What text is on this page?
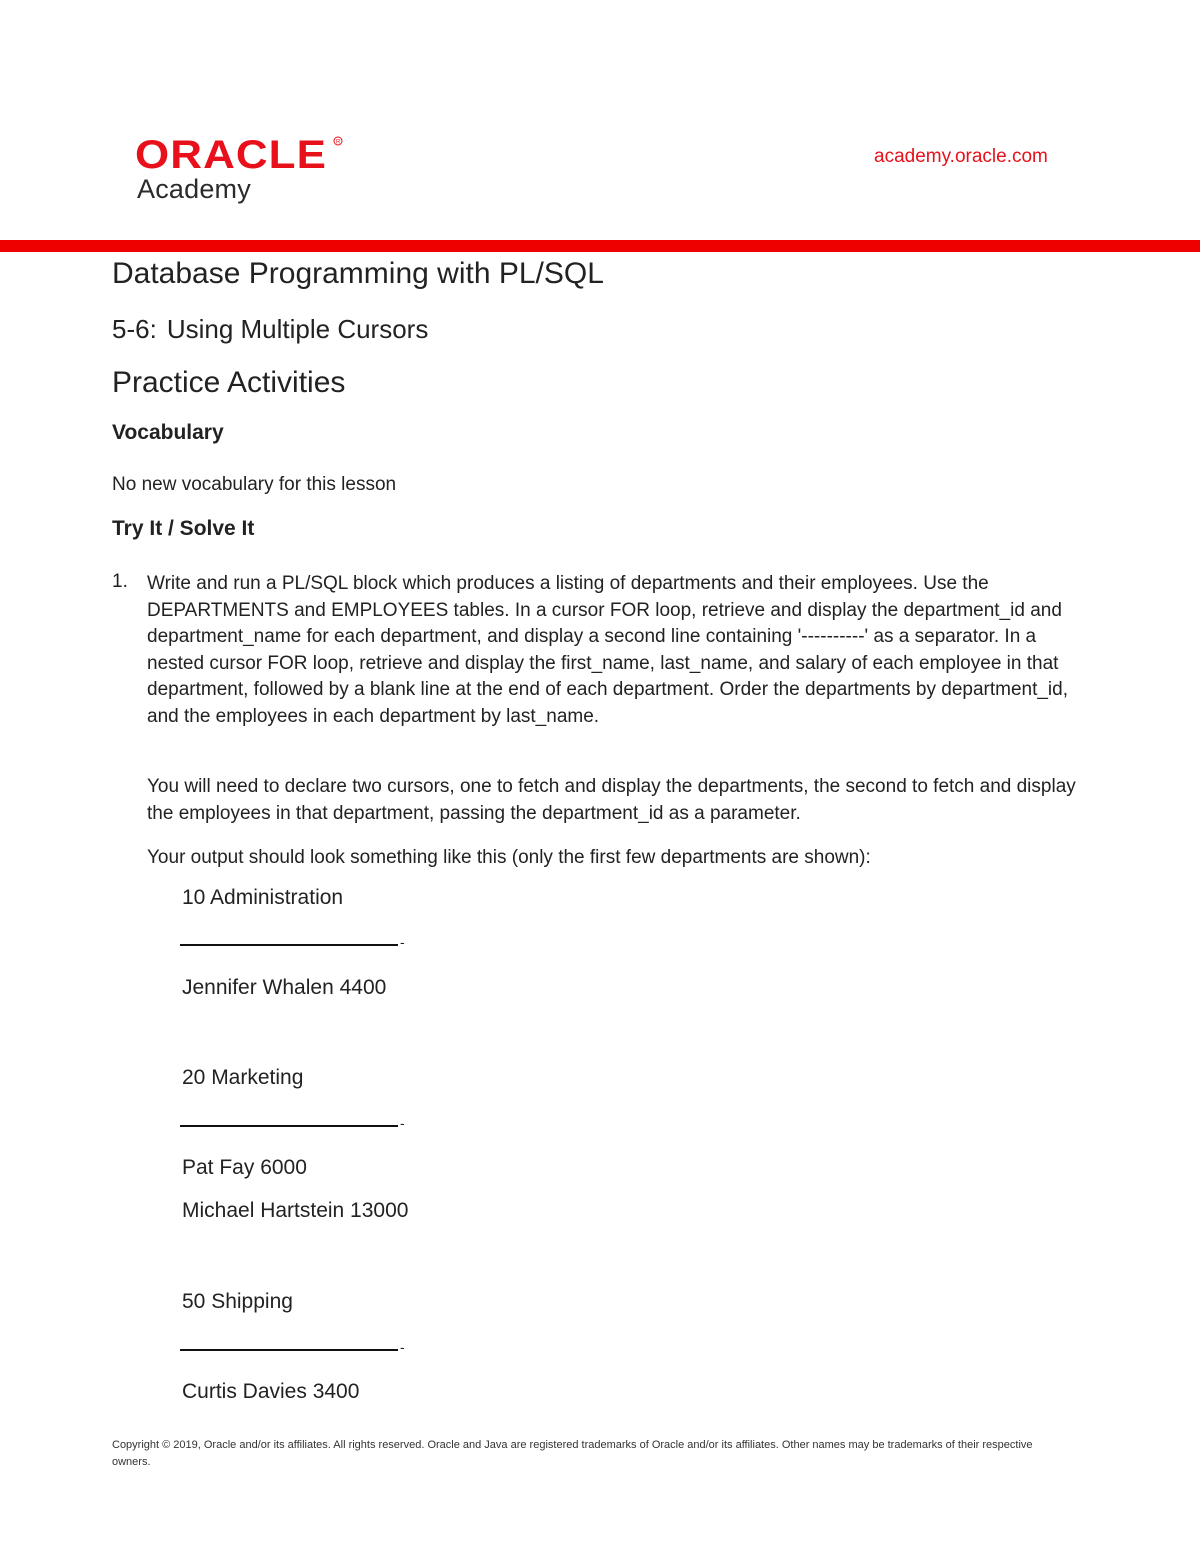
ORACLE R
Academy
academy.oracle.com
Database Programming with PL/SQL
5-6: Using Multiple Cursors
Practice Activities
Vocabulary
No new vocabulary for this lesson
Try It / Solve It
1. Write and run a PL/SQL block which produces a listing of departments and their employees. Use the DEPARTMENTS and EMPLOYEES tables. In a cursor FOR loop, retrieve and display the department_id and department_name for each department, and display a second line containing '----------' as a separator. In a nested cursor FOR loop, retrieve and display the first_name, last_name, and salary of each employee in that department, followed by a blank line at the end of each department. Order the departments by department_id, and the employees in each department by last_name.

You will need to declare two cursors, one to fetch and display the departments, the second to fetch and display the employees in that department, passing the department_id as a parameter.

Your output should look something like this (only the first few departments are shown):

10 Administration
-
Jennifer Whalen 4400
20 Marketing
-
Pat Fay 6000
Michael Hartstein 13000
50 Shipping
-
Curtis Davies 3400
Copyright © 2019, Oracle and/or its affiliates. All rights reserved. Oracle and Java are registered trademarks of Oracle and/or its affiliates. Other names may be trademarks of their respective owners.
